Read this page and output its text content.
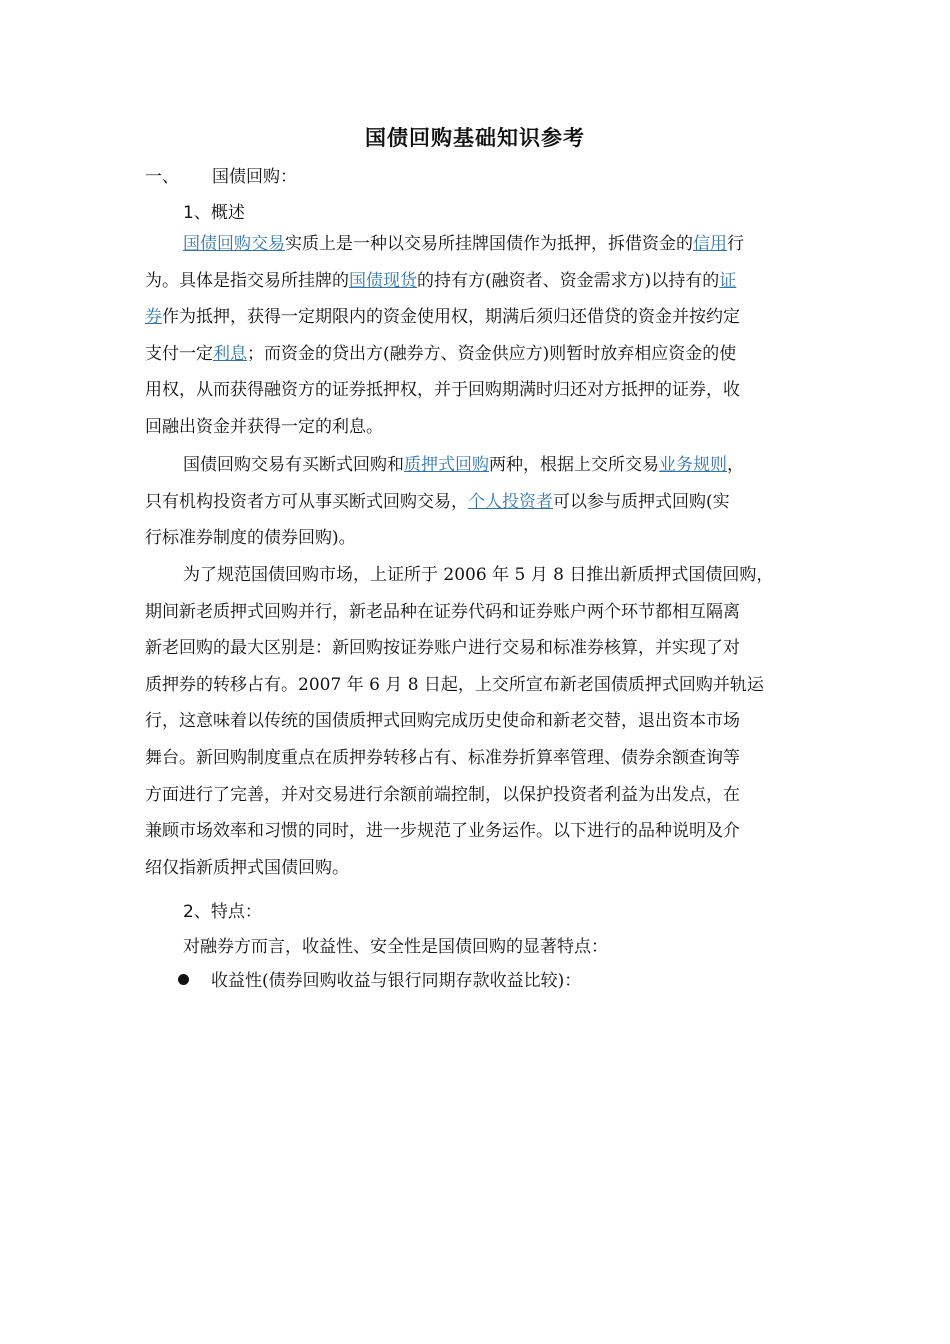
国债回购基础知识参考
一、 国债回购：
1、概述
国债回购交易实质上是一种以交易所挂牌国债作为抵押，拆借资金的信用行
为。具体是指交易所挂牌的国债现货的持有方(融资者、资金需求方)以持有的证
券作为抵押，获得一定期限内的资金使用权，期满后须归还借贷的资金并按约定
支付一定利息；而资金的贷出方(融券方、资金供应方)则暂时放弃相应资金的使
用权，从而获得融资方的证券抵押权，并于回购期满时归还对方抵押的证券，收
回融出资金并获得一定的利息。
国债回购交易有买断式回购和质押式回购两种，根据上交所交易业务规则，
只有机构投资者方可从事买断式回购交易，个人投资者可以参与质押式回购(实
行标准券制度的债券回购)。
为了规范国债回购市场，上证所于 2006 年 5 月 8 日推出新质押式国债回购，
期间新老质押式回购并行，新老品种在证券代码和证券账户两个环节都相互隔离
新老回购的最大区别是：新回购按证券账户进行交易和标准券核算，并实现了对
质押券的转移占有。2007 年 6 月 8 日起，上交所宣布新老国债质押式回购并轨运
行，这意味着以传统的国债质押式回购完成历史使命和新老交替，退出资本市场
舞台。新回购制度重点在质押券转移占有、标准券折算率管理、债券余额查询等
方面进行了完善，并对交易进行余额前端控制，以保护投资者利益为出发点，在
兼顾市场效率和习惯的同时，进一步规范了业务运作。以下进行的品种说明及介
绍仅指新质押式国债回购。
2、特点：
对融券方而言，收益性、安全性是国债回购的显著特点：
收益性(债券回购收益与银行同期存款收益比较)：
